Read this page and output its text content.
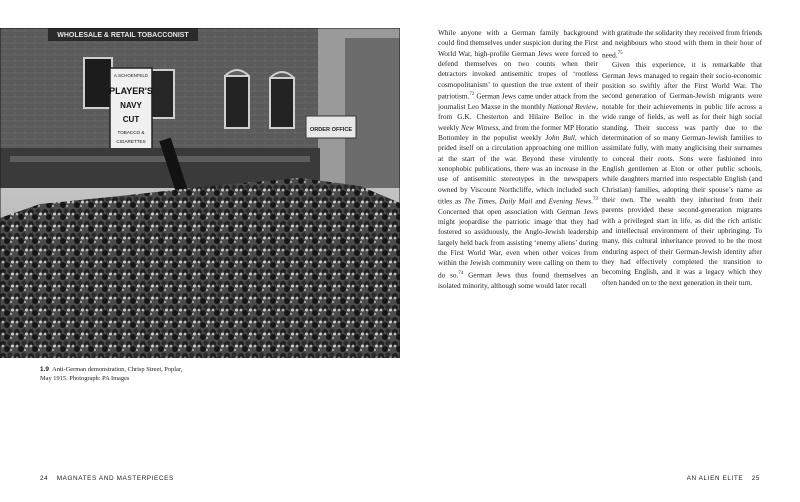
WHOLESALE & RETAIL TOBACCONIST
A.SCHOENFELD
PLAYER'S
NAVY
CUT
TOBACCO &
CIGARETTES
ORDER OFFICE
1.9 Anti-German demonstration, Chrisp Street, Poplar, May 1915. Photograph: PA Images

While anyone with a German family background could find themselves under suspicion during the First World War, high-profile German Jews were forced to defend themselves on two counts when their detractors invoked antisemitic tropes of ‘rootless cosmopolitanism’ to question the true extent of their patriotism.$^{72}$ German Jews came under attack from the journalist Leo Maxse in the monthly National Review, from G.K. Chesterton and Hilaire Belloc in the weekly New Witness, and from the former MP Horatio Bottomley in the populist weekly John Bull, which prided itself on a circulation approaching one million at the start of the war. Beyond these virulently xenophobic publications, there was an increase in the use of antisemitic stereotypes in the newspapers owned by Viscount Northcliffe, which included such titles as The Times, Daily Mail and Evening News.$^{73}$ Concerned that open association with German Jews might jeopardise the patriotic image that they had fostered so assiduously, the Anglo-Jewish leadership largely held back from assisting ‘enemy aliens’ during the First World War, even when other voices from within the Jewish community were calling on them to do so.$^{74}$ German Jews thus found themselves an isolated minority, although some would later recall

with gratitude the solidarity they received from friends and neighbours who stood with them in their hour of need.$^{75}$

Given this experience, it is remarkable that German Jews managed to regain their socio-economic position so swiftly after the First World War. The second generation of German-Jewish migrants were notable for their achievements in public life across a wide range of fields, as well as for their high social standing. Their success was partly due to the determination of so many German-Jewish families to assimilate fully, with many anglicising their surnames to conceal their roots. Sons were fashioned into English gentlemen at Eton or other public schools, while daughters married into respectable English (and Christian) families, adopting their spouse’s name as their own. The wealth they inherited from their parents provided these second-generation migrants with a privileged start in life, as did the rich artistic and intellectual environment of their upbringing. To many, this cultural inheritance proved to be the most enduring aspect of their German-Jewish identity after they had effectively completed the transition to becoming English, and it was a legacy which they often handed on to the next generation in their turn.

24 MAGNATES AND MASTERPIECES	AN ALIEN ELITE 25
